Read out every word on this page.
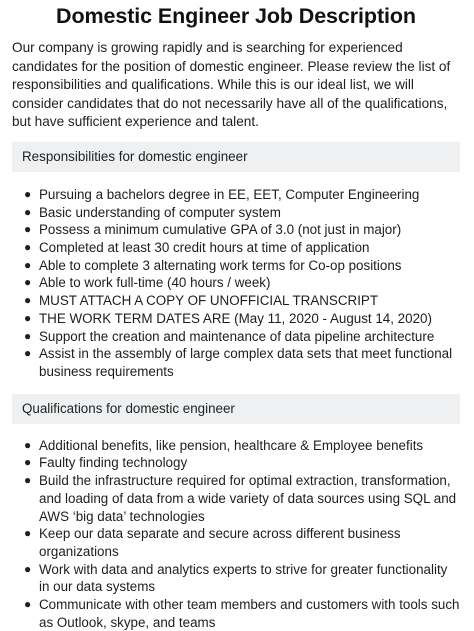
Domestic Engineer Job Description

Our company is growing rapidly and is searching for experienced candidates for the position of domestic engineer. Please review the list of responsibilities and qualifications. While this is our ideal list, we will consider candidates that do not necessarily have all of the qualifications, but have sufficient experience and talent.

Responsibilities for domestic engineer
● Pursuing a bachelors degree in EE, EET, Computer Engineering
● Basic understanding of computer system
● Possess a minimum cumulative GPA of 3.0 (not just in major)
● Completed at least 30 credit hours at time of application
● Able to complete 3 alternating work terms for Co-op positions
● Able to work full-time (40 hours / week)
● MUST ATTACH A COPY OF UNOFFICIAL TRANSCRIPT
● THE WORK TERM DATES ARE (May 11, 2020 - August 14, 2020)
● Support the creation and maintenance of data pipeline architecture
● Assist in the assembly of large complex data sets that meet functional business requirements
Qualifications for domestic engineer
● Additional benefits, like pension, healthcare & Employee benefits
● Faulty finding technology
● Build the infrastructure required for optimal extraction, transformation, and loading of data from a wide variety of data sources using SQL and AWS ‘big data’ technologies
● Keep our data separate and secure across different business organizations
● Work with data and analytics experts to strive for greater functionality in our data systems
● Communicate with other team members and customers with tools such as Outlook, skype, and teams
